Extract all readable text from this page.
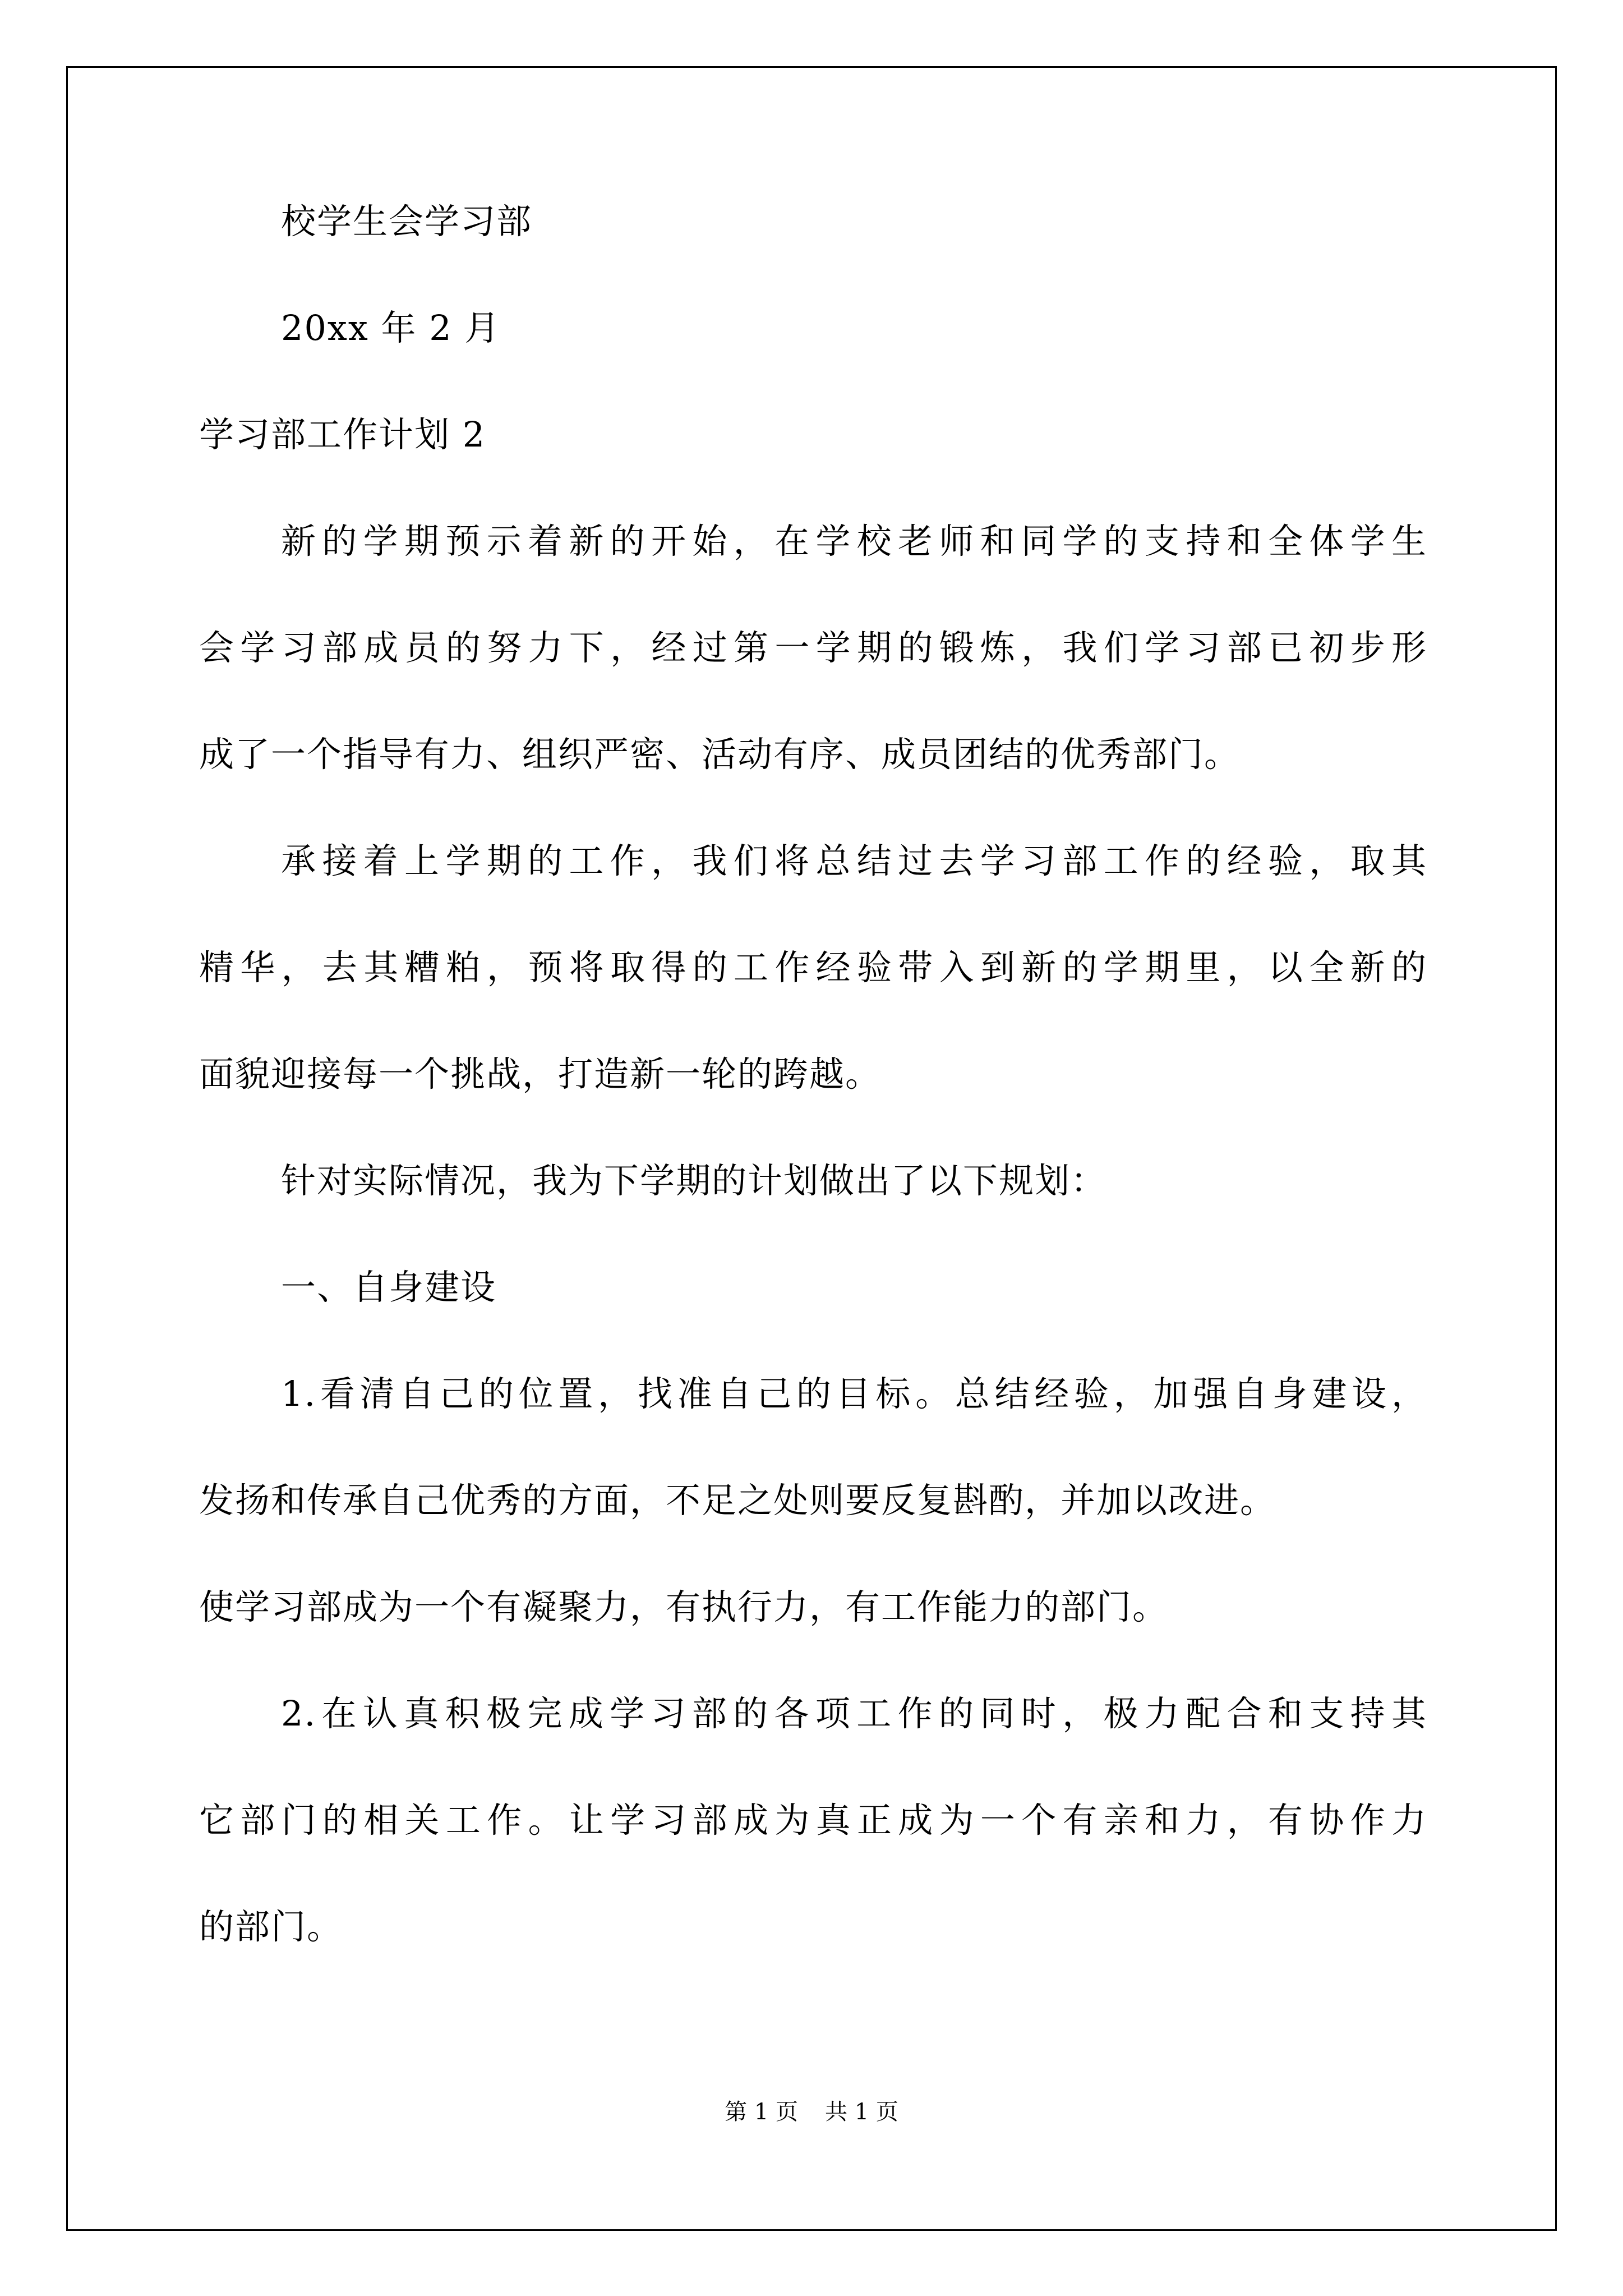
校学生会学习部
20xx 年 2 月
学习部工作计划 2
新的学期预示着新的开始，在学校老师和同学的支持和全体学生
会学习部成员的努力下，经过第一学期的锻炼，我们学习部已初步形
成了一个指导有力、组织严密、活动有序、成员团结的优秀部门。
承接着上学期的工作，我们将总结过去学习部工作的经验，取其
精华，去其糟粕，预将取得的工作经验带入到新的学期里，以全新的
面貌迎接每一个挑战，打造新一轮的跨越。
针对实际情况，我为下学期的计划做出了以下规划：
一、自身建设
1.看清自己的位置，找准自己的目标。总结经验，加强自身建设，
发扬和传承自己优秀的方面，不足之处则要反复斟酌，并加以改进。
使学习部成为一个有凝聚力，有执行力，有工作能力的部门。
2.在认真积极完成学习部的各项工作的同时，极力配合和支持其
它部门的相关工作。让学习部成为真正成为一个有亲和力，有协作力
的部门。
第 1 页 共 1 页
